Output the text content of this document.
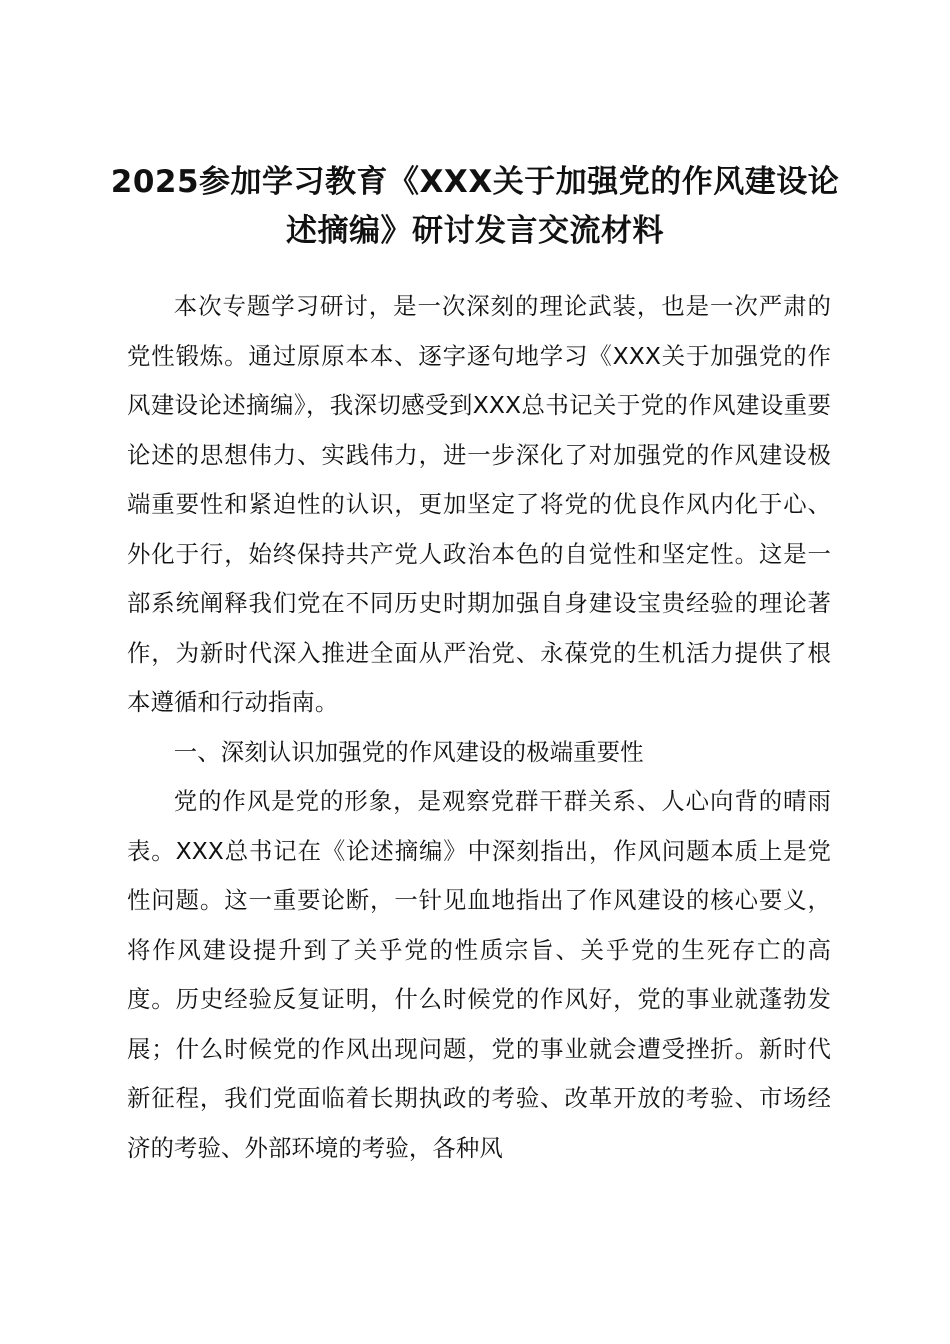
2025参加学习教育《XXX关于加强党的作风建设论述摘编》研讨发言交流材料

本次专题学习研讨，是一次深刻的理论武装，也是一次严肃的党性锻炼。通过原原本本、逐字逐句地学习《XXX关于加强党的作风建设论述摘编》，我深切感受到XXX总书记关于党的作风建设重要论述的思想伟力、实践伟力，进一步深化了对加强党的作风建设极端重要性和紧迫性的认识，更加坚定了将党的优良作风内化于心、外化于行，始终保持共产党人政治本色的自觉性和坚定性。这是一部系统阐释我们党在不同历史时期加强自身建设宝贵经验的理论著作，为新时代深入推进全面从严治党、永葆党的生机活力提供了根本遵循和行动指南。

一、深刻认识加强党的作风建设的极端重要性

党的作风是党的形象，是观察党群干群关系、人心向背的晴雨表。XXX总书记在《论述摘编》中深刻指出，作风问题本质上是党性问题。这一重要论断，一针见血地指出了作风建设的核心要义，将作风建设提升到了关乎党的性质宗旨、关乎党的生死存亡的高度。历史经验反复证明，什么时候党的作风好，党的事业就蓬勃发展；什么时候党的作风出现问题，党的事业就会遭受挫折。新时代新征程，我们党面临着长期执政的考验、改革开放的考验、市场经济的考验、外部环境的考验，各种风
